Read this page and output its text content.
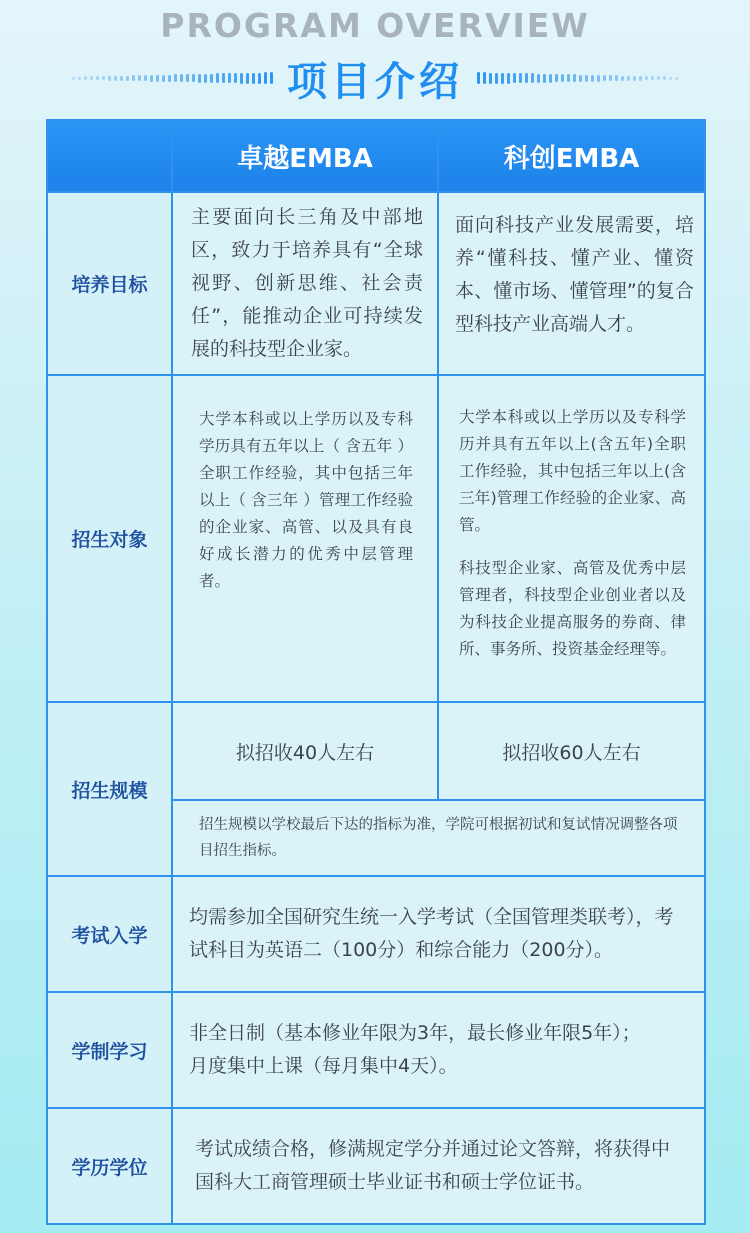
PROGRAM OVERVIEW
项目介绍
	卓越EMBA	科创EMBA
培养目标	主要面向长三角及中部地区，致力于培养具有“全球视野、创新思维、社会责任”，能推动企业可持续发展的科技型企业家。	面向科技产业发展需要，培养“懂科技、懂产业、懂资本、懂市场、懂管理”的复合型科技产业高端人才。

招生对象	大学本科或以上学历以及专科学历具有五年以上（ 含五年 ）全职工作经验，其中包括三年以上（ 含三年 ）管理工作经验的企业家、高管、以及具有良好成长潜力的优秀中层管理者。	大学本科或以上学历以及专科学历并具有五年以上(含五年)全职工作经验，其中包括三年以上(含三年)管理工作经验的企业家、高管。
科技型企业家、高管及优秀中层管理者，科技型企业创业者以及为科技企业提高服务的券商、律所、事务所、投资基金经理等。

招生规模	拟招收40人左右	拟招收60人左右

	招生规模以学校最后下达的指标为准，学院可根据初试和复试情况调整各项目招生指标。	

考试入学	均需参加全国研究生统一入学考试（全国管理类联考），考试科目为英语二（100分）和综合能力（200分）。	

学制学习	非全日制（基本修业年限为3年，最长修业年限5年）；
月度集中上课（每月集中4天）。	

学历学位	考试成绩合格，修满规定学分并通过论文答辩，将获得中国科大工商管理硕士毕业证书和硕士学位证书。	
